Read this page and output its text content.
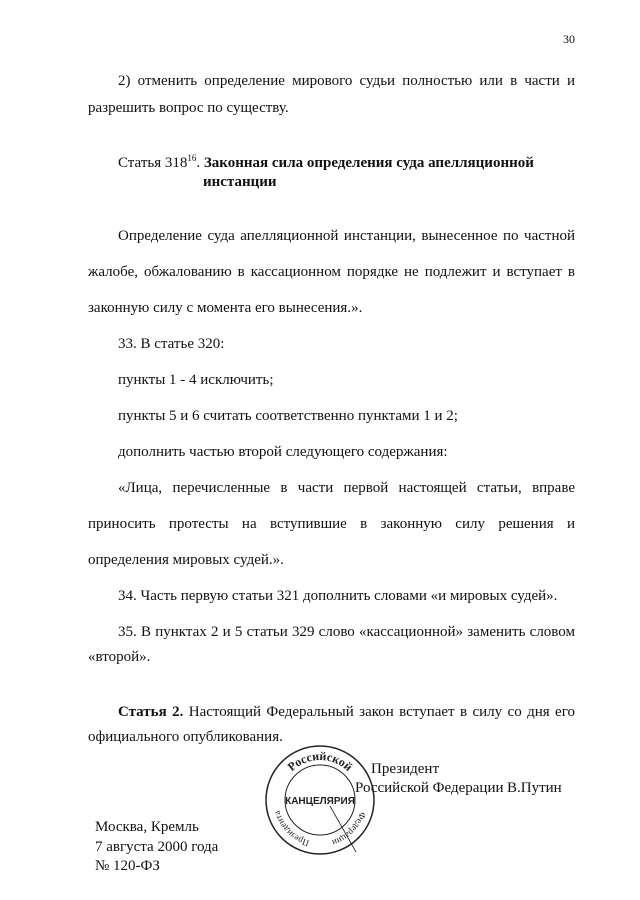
30
2) отменить определение мирового судьи полностью или в части и
разрешить вопрос по существу.
Статья $318^{16}$. Законная сила определения суда апелляционной
инстанции
Определение суда апелляционной инстанции, вынесенное по частной
жалобе, обжалованию в кассационном порядке не подлежит и вступает в
законную силу с момента его вынесения.».
33. В статье 320:
пункты 1 - 4 исключить;
пункты 5 и 6 считать соответственно пунктами 1 и 2;
дополнить частью второй следующего содержания:
«Лица, перечисленные в части первой настоящей статьи, вправе
приносить протесты на вступившие в законную силу решения и
определения мировых судей.».
34. Часть первую статьи 321 дополнить словами «и мировых судей».
35. В пунктах 2 и 5 статьи 329 слово «кассационной» заменить словом
«второй».
Статья 2. Настоящий Федеральный закон вступает в силу со дня его
официального опубликования.
Российской
Президента	Федерации
КАНЦЕЛЯРИЯ
Президент
Российской Федерации В.Путин
Москва, Кремль
7 августа 2000 года
№ 120-ФЗ
